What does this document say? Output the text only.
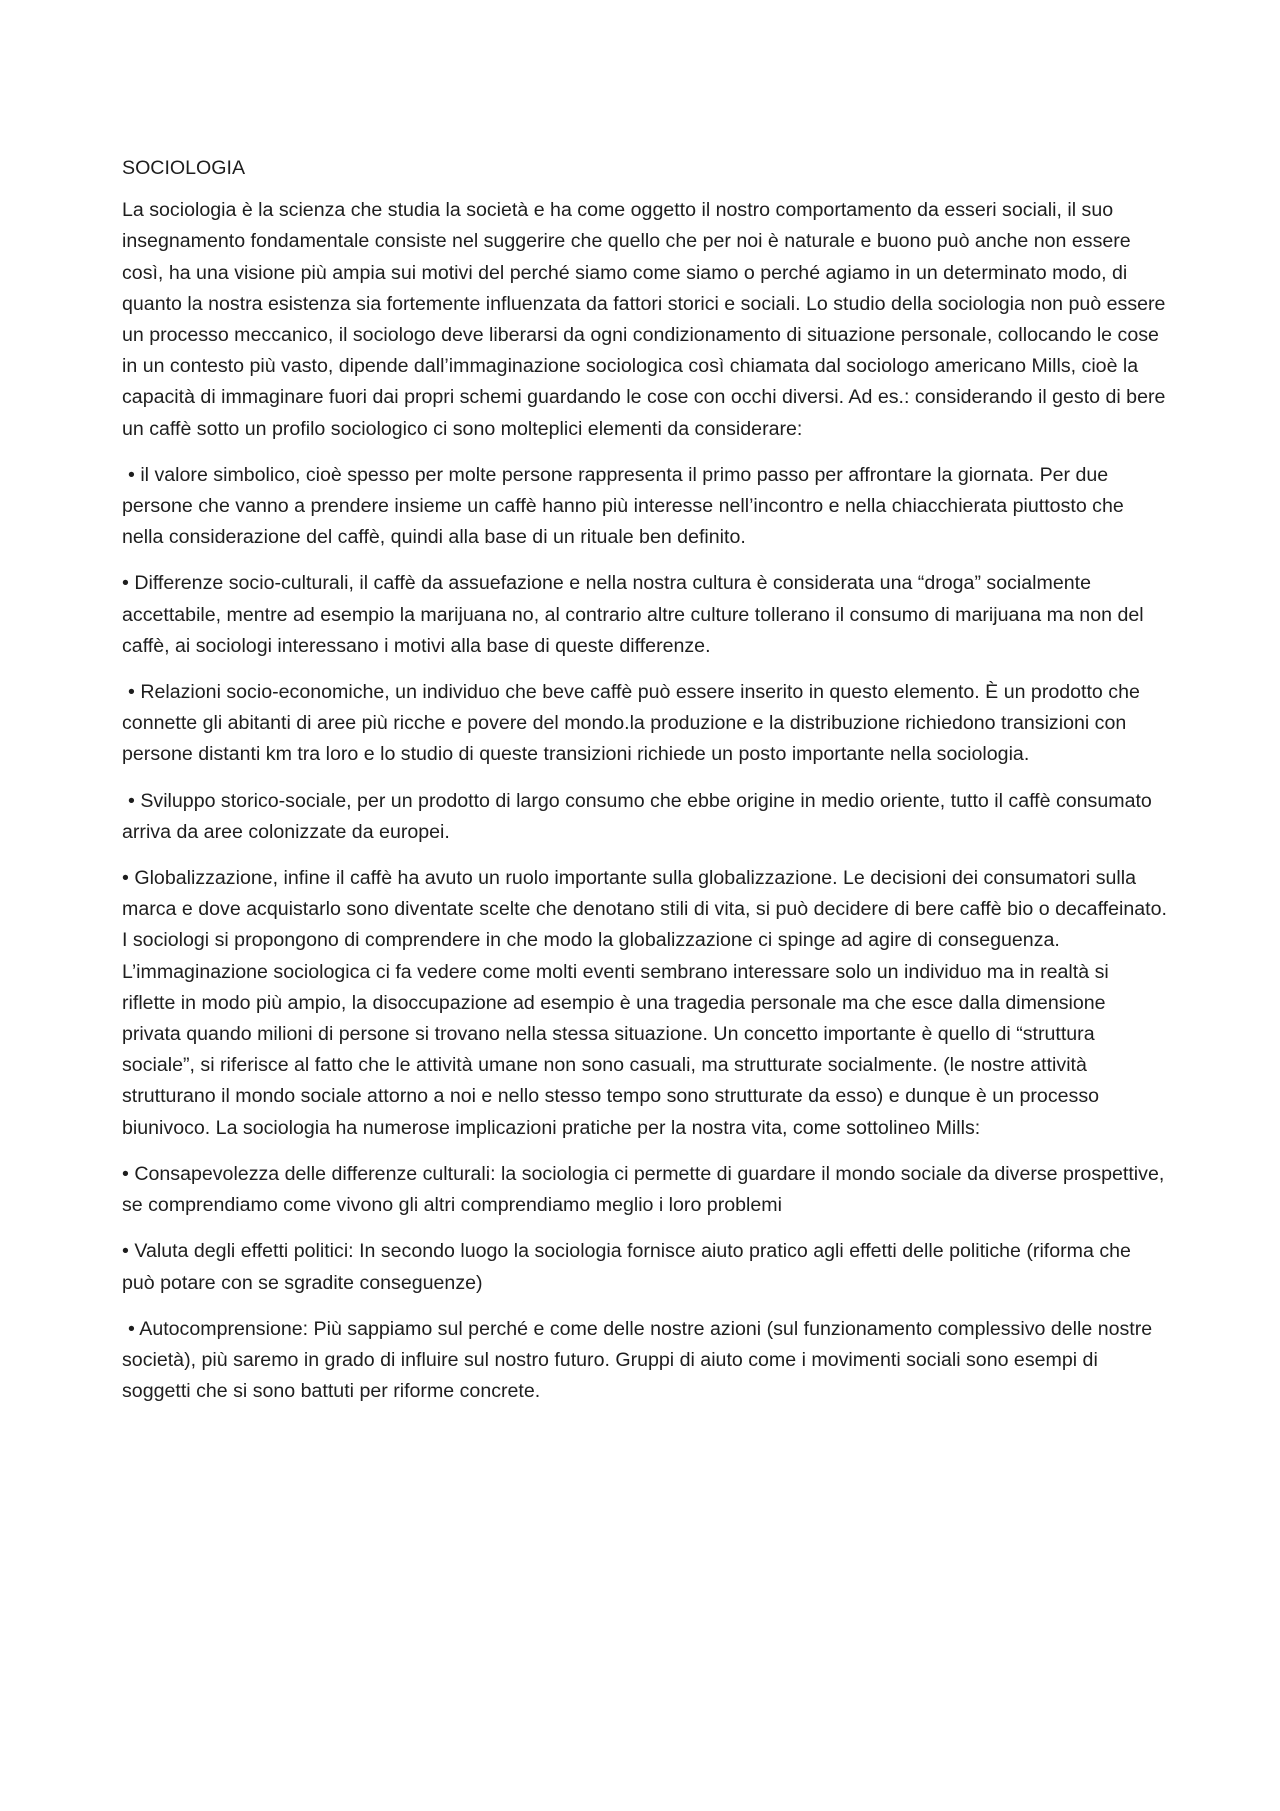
SOCIOLOGIA

La sociologia è la scienza che studia la società e ha come oggetto il nostro comportamento da esseri sociali, il suo insegnamento fondamentale consiste nel suggerire che quello che per noi è naturale e buono può anche non essere così, ha una visione più ampia sui motivi del perché siamo come siamo o perché agiamo in un determinato modo, di quanto la nostra esistenza sia fortemente influenzata da fattori storici e sociali. Lo studio della sociologia non può essere un processo meccanico, il sociologo deve liberarsi da ogni condizionamento di situazione personale, collocando le cose in un contesto più vasto, dipende dall’immaginazione sociologica così chiamata dal sociologo americano Mills, cioè la capacità di immaginare fuori dai propri schemi guardando le cose con occhi diversi. Ad es.: considerando il gesto di bere un caffè sotto un profilo sociologico ci sono molteplici elementi da considerare:

• il valore simbolico, cioè spesso per molte persone rappresenta il primo passo per affrontare la giornata. Per due persone che vanno a prendere insieme un caffè hanno più interesse nell’incontro e nella chiacchierata piuttosto che nella considerazione del caffè, quindi alla base di un rituale ben definito.

• Differenze socio-culturali, il caffè da assuefazione e nella nostra cultura è considerata una “droga” socialmente accettabile, mentre ad esempio la marijuana no, al contrario altre culture tollerano il consumo di marijuana ma non del caffè, ai sociologi interessano i motivi alla base di queste differenze.

• Relazioni socio-economiche, un individuo che beve caffè può essere inserito in questo elemento. È un prodotto che connette gli abitanti di aree più ricche e povere del mondo.la produzione e la distribuzione richiedono transizioni con persone distanti km tra loro e lo studio di queste transizioni richiede un posto importante nella sociologia.

• Sviluppo storico-sociale, per un prodotto di largo consumo che ebbe origine in medio oriente, tutto il caffè consumato arriva da aree colonizzate da europei.

• Globalizzazione, infine il caffè ha avuto un ruolo importante sulla globalizzazione. Le decisioni dei consumatori sulla marca e dove acquistarlo sono diventate scelte che denotano stili di vita, si può decidere di bere caffè bio o decaffeinato. I sociologi si propongono di comprendere in che modo la globalizzazione ci spinge ad agire di conseguenza. L’immaginazione sociologica ci fa vedere come molti eventi sembrano interessare solo un individuo ma in realtà si riflette in modo più ampio, la disoccupazione ad esempio è una tragedia personale ma che esce dalla dimensione privata quando milioni di persone si trovano nella stessa situazione. Un concetto importante è quello di “struttura sociale”, si riferisce al fatto che le attività umane non sono casuali, ma strutturate socialmente. (le nostre attività strutturano il mondo sociale attorno a noi e nello stesso tempo sono strutturate da esso) e dunque è un processo biunivoco. La sociologia ha numerose implicazioni pratiche per la nostra vita, come sottolineo Mills:

• Consapevolezza delle differenze culturali: la sociologia ci permette di guardare il mondo sociale da diverse prospettive, se comprendiamo come vivono gli altri comprendiamo meglio i loro problemi

• Valuta degli effetti politici: In secondo luogo la sociologia fornisce aiuto pratico agli effetti delle politiche (riforma che può potare con se sgradite conseguenze)

• Autocomprensione: Più sappiamo sul perché e come delle nostre azioni (sul funzionamento complessivo delle nostre società), più saremo in grado di influire sul nostro futuro. Gruppi di aiuto come i movimenti sociali sono esempi di soggetti che si sono battuti per riforme concrete.
